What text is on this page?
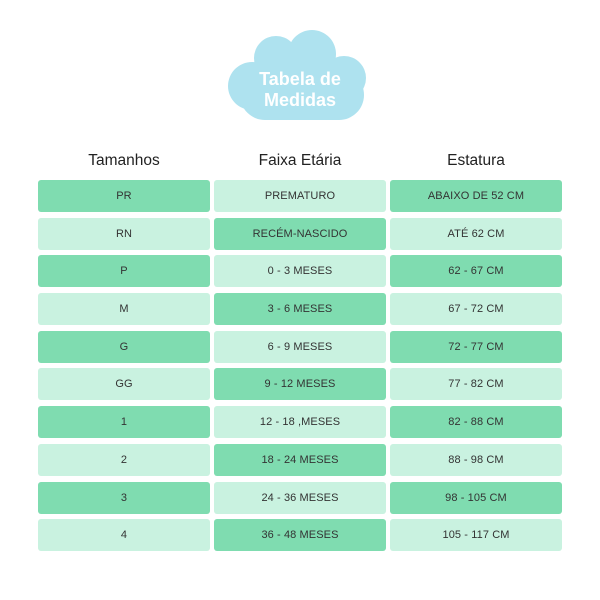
Tabela de
Medidas
Tamanhos	Faixa Etária	Estatura
PR	PREMATURO	ABAIXO DE 52 CM
RN	RECÉM-NASCIDO	ATÉ 62 CM
P	0 - 3 MESES	62 - 67 CM
M	3 - 6 MESES	67 - 72 CM
G	6 - 9 MESES	72 - 77 CM
GG	9 - 12 MESES	77 - 82 CM
1	12 - 18 ,MESES	82 - 88 CM
2	18 - 24 MESES	88 - 98 CM
3	24 - 36 MESES	98 - 105 CM
4	36 - 48 MESES	105 - 117 CM
